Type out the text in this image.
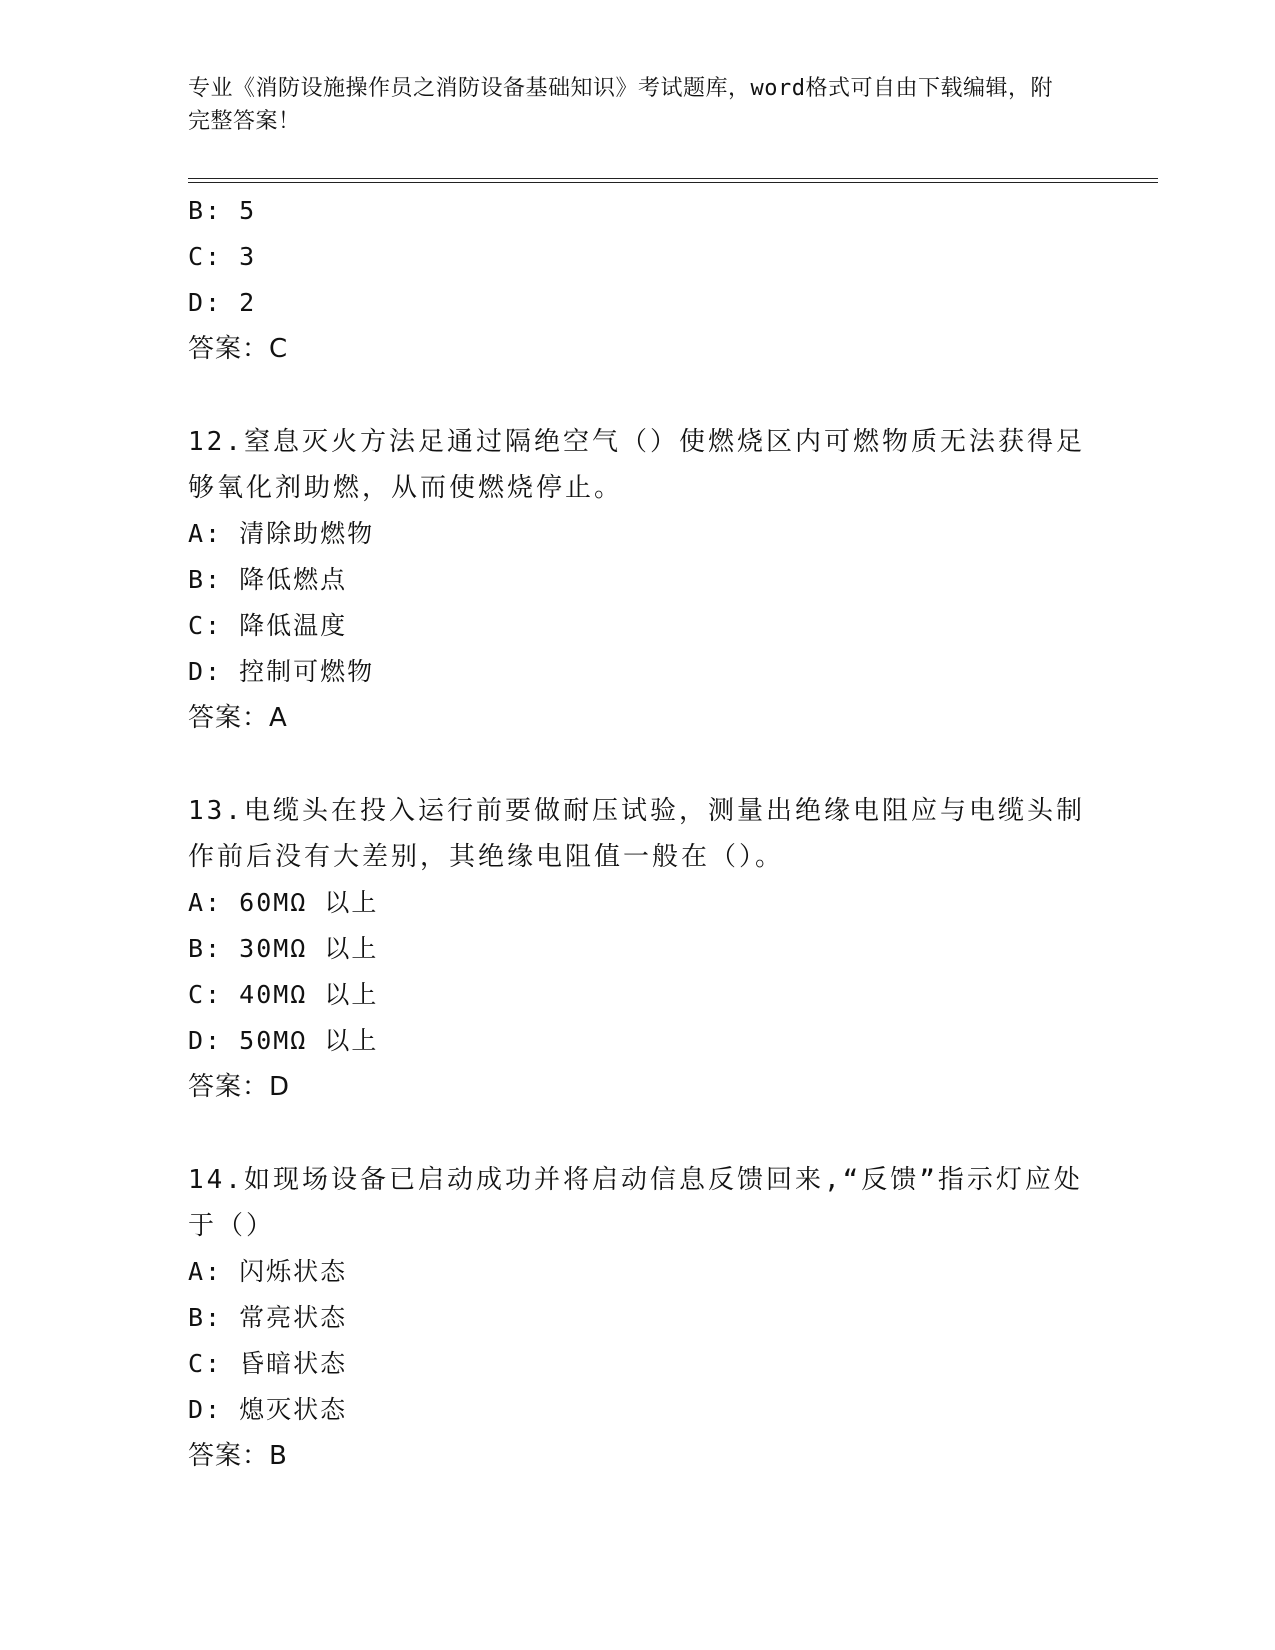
专业《消防设施操作员之消防设备基础知识》考试题库，word格式可自由下载编辑，附完整答案！
B: 5
C: 3
D: 2
答案：C
12.窒息灭火方法足通过隔绝空气（）使燃烧区内可燃物质无法获得足够氧化剂助燃，从而使燃烧停止。
A: 清除助燃物
B: 降低燃点
C: 降低温度
D: 控制可燃物
答案：A
13.电缆头在投入运行前要做耐压试验，测量出绝缘电阻应与电缆头制作前后没有大差别，其绝缘电阻值一般在（）。
A: 60MΩ 以上
B: 30MΩ 以上
C: 40MΩ 以上
D: 50MΩ 以上
答案：D
14.如现场设备已启动成功并将启动信息反馈回来,“反馈”指示灯应处于（）
A: 闪烁状态
B: 常亮状态
C: 昏暗状态
D: 熄灭状态
答案：B
